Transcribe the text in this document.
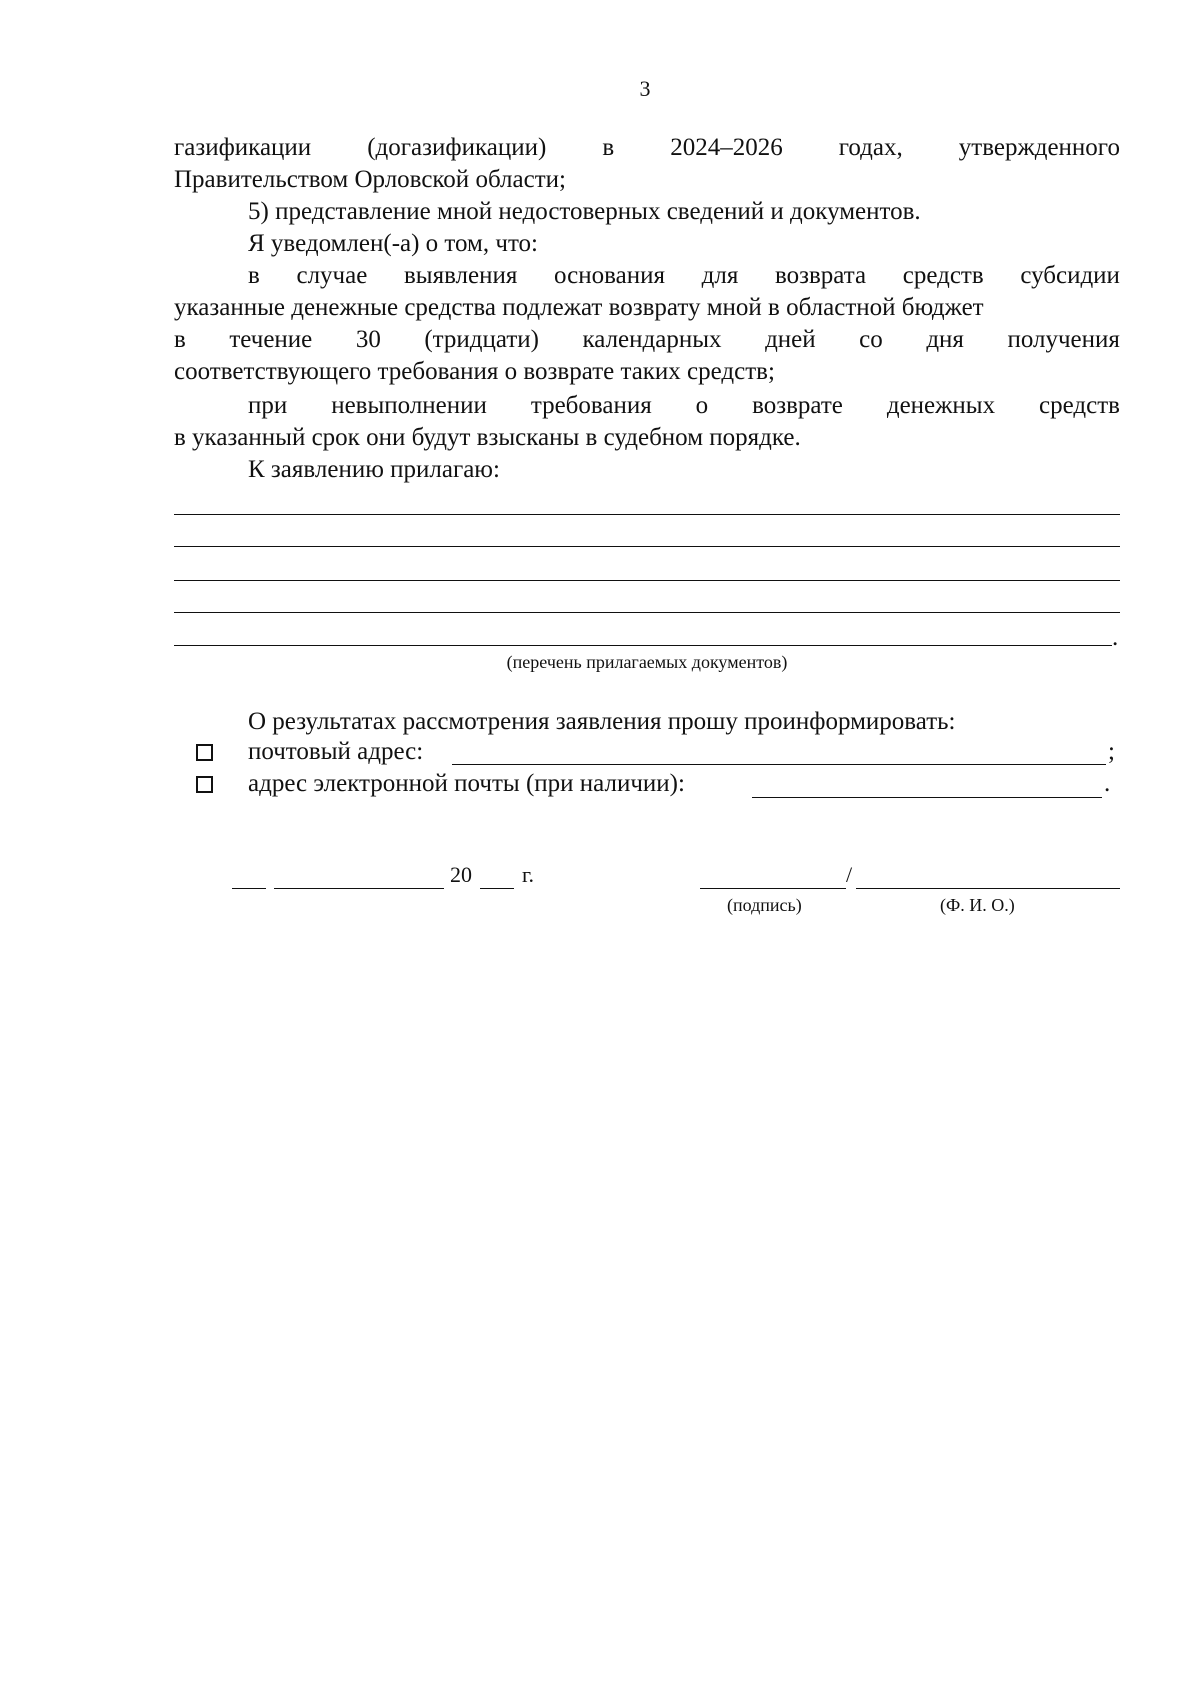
3
газификации (догазификации) в 2024–2026 годах, утвержденного
Правительством Орловской области;
5) представление мной недостоверных сведений и документов.
Я уведомлен(-а) о том, что:
в случае выявления основания для возврата средств субсидии
указанные денежные средства подлежат возврату мной в областной бюджет
в течение 30 (тридцати) календарных дней со дня получения
соответствующего требования о возврате таких средств;
при невыполнении требования о возврате денежных средств
в указанный срок они будут взысканы в судебном порядке.
К заявлению прилагаю:
.
(перечень прилагаемых документов)
О результатах рассмотрения заявления прошу проинформировать:
почтовый адрес:	;
адрес электронной почты (при наличии):	.
20 г.	/
(подпись)	(Ф. И. О.)
